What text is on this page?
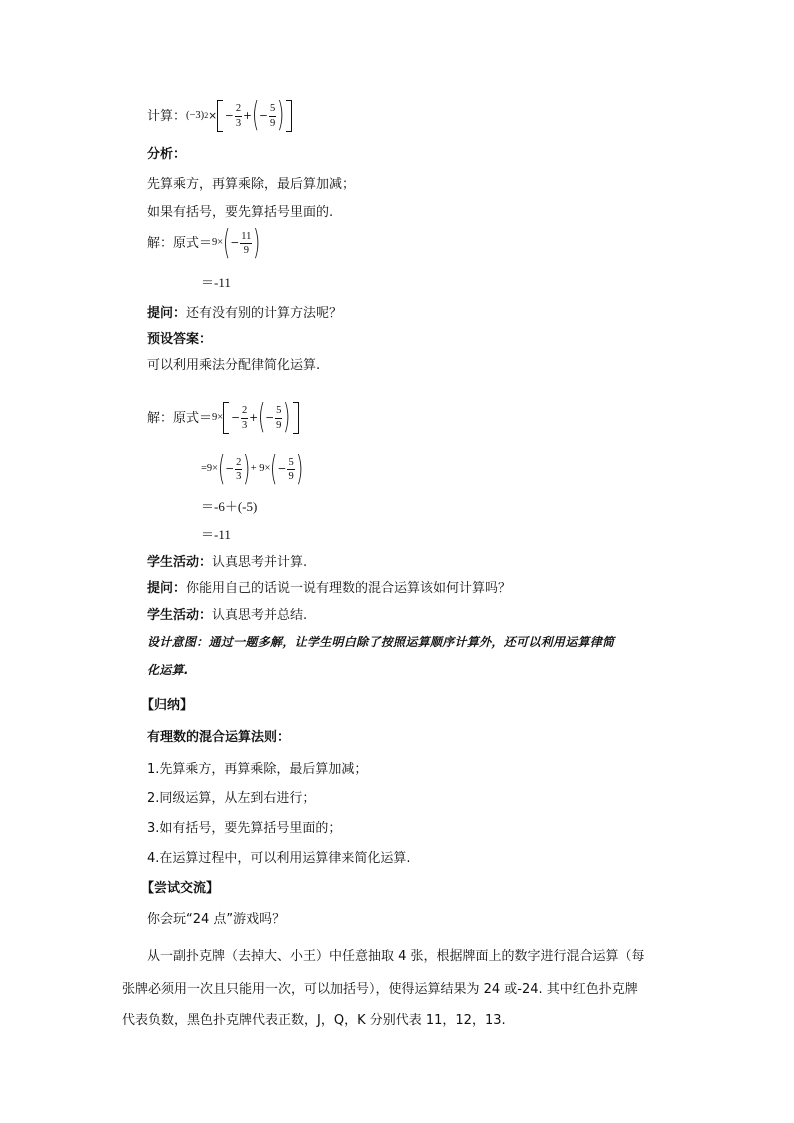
计算： (−3) 2 × − $\frac{2}{3}$ + ( − $\frac{5}{9}$ )
分析：
先算乘方，再算乘除，最后算加减；
如果有括号，要先算括号里面的.
解：原式＝ 9× ( − $\frac{11}{9}$ )
＝-11
提问：还有没有别的计算方法呢？
预设答案：
可以利用乘法分配律简化运算.
解：原式＝ $9\times - \frac{2}{3}$ + ( − $\frac{5}{9}$ )
=9× ( − $\frac{2}{3}$ ) + 9× ( − $\frac{5}{9}$ )
＝-6＋(-5)
＝-11
学生活动：认真思考并计算.
提问：你能用自己的话说一说有理数的混合运算该如何计算吗？
学生活动：认真思考并总结.
设计意图：通过一题多解，让学生明白除了按照运算顺序计算外，还可以利用运算律简
化运算.
【归纳】
有理数的混合运算法则：
1.先算乘方，再算乘除，最后算加减；
2.同级运算，从左到右进行；
3.如有括号，要先算括号里面的；
4.在运算过程中，可以利用运算律来简化运算.
【尝试交流】
你会玩“24 点”游戏吗？
从一副扑克牌（去掉大、小王）中任意抽取 4 张，根据牌面上的数字进行混合运算（每
张牌必须用一次且只能用一次，可以加括号），使得运算结果为 24 或-24. 其中红色扑克牌
代表负数，黑色扑克牌代表正数，J，Q，K 分别代表 11，12，13.
